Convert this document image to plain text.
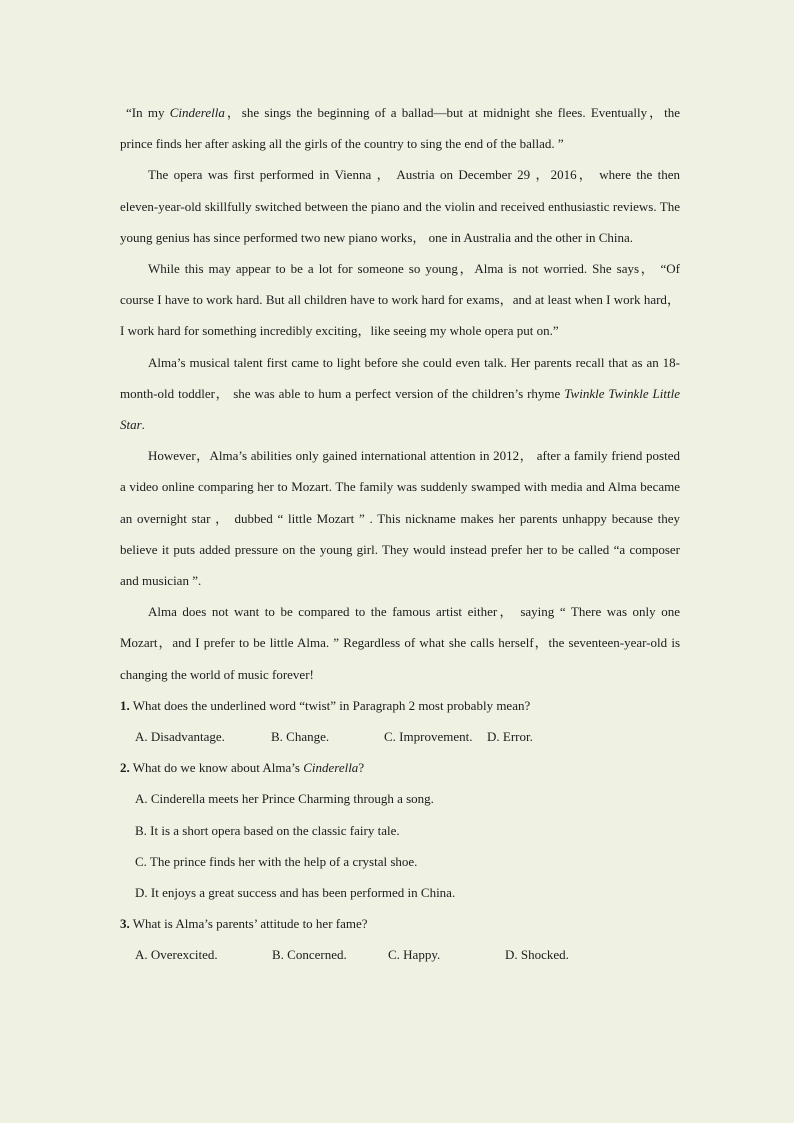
“In my Cinderella，she sings the beginning of a ballad—but at midnight she flees. Eventually，the prince finds her after asking all the girls of the country to sing the end of the ballad. ”

The opera was first performed in Vienna ， Austria on December 29 ，2016， where the then eleven-year-old skillfully switched between the piano and the violin and received enthusiastic reviews. The young genius has since performed two new piano works， one in Australia and the other in China.

While this may appear to be a lot for someone so young，Alma is not worried. She says， “Of course I have to work hard. But all children have to work hard for exams，and at least when I work hard，I work hard for something incredibly exciting，like seeing my whole opera put on.”

Alma’s musical talent first came to light before she could even talk. Her parents recall that as an 18-month-old toddler， she was able to hum a perfect version of the children’s rhyme Twinkle Twinkle Little Star.

However，Alma’s abilities only gained international attention in 2012， after a family friend posted a video online comparing her to Mozart. The family was suddenly swamped with media and Alma became an overnight star ， dubbed “ little Mozart ” . This nickname makes her parents unhappy because they believe it puts added pressure on the young girl. They would instead prefer her to be called “a composer and musician ”.

Alma does not want to be compared to the famous artist either， saying “ There was only one Mozart，and I prefer to be little Alma. ” Regardless of what she calls herself，the seventeen-year-old is changing the world of music forever!

1. What does the underlined word “twist” in Paragraph 2 most probably mean?

A. Disadvantage.	B. Change.	C. Improvement.	D. Error.

2. What do we know about Alma’s Cinderella?

A. Cinderella meets her Prince Charming through a song.

B. It is a short opera based on the classic fairy tale.

C. The prince finds her with the help of a crystal shoe.

D. It enjoys a great success and has been performed in China.

3. What is Alma’s parents’ attitude to her fame?

A. Overexcited.	B. Concerned.	C. Happy.	D. Shocked.
